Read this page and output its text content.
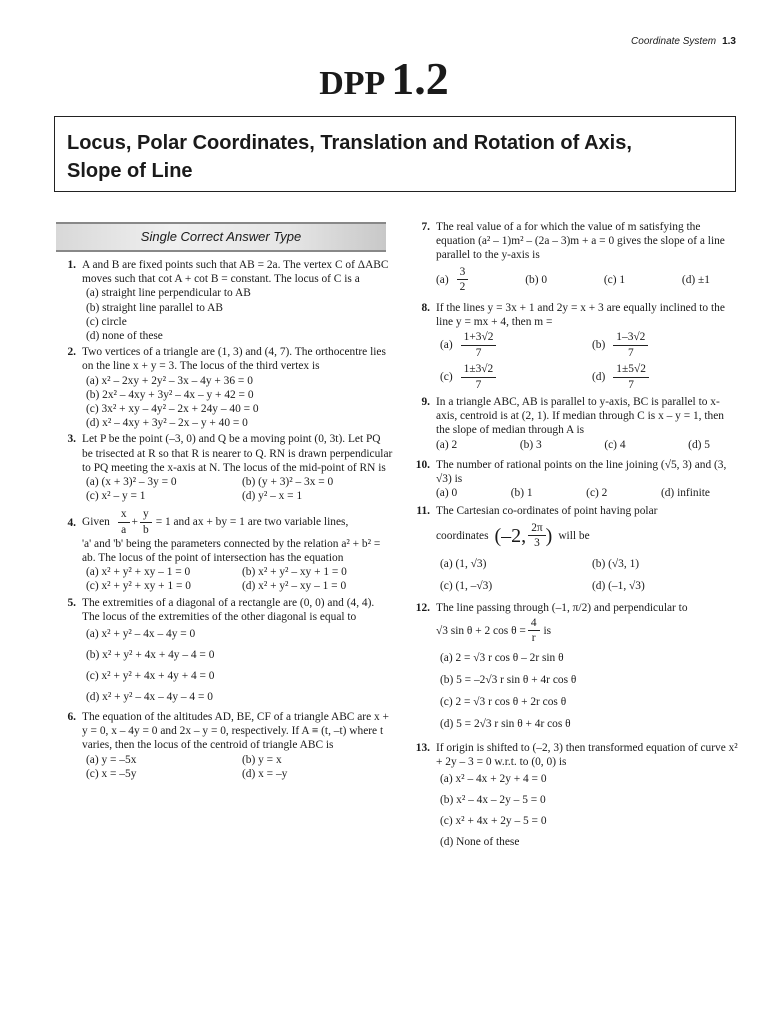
Coordinate System 1.3
DPP 1.2
Locus, Polar Coordinates, Translation and Rotation of Axis,
Slope of Line
Single Correct Answer Type
1. A and B are fixed points such that AB = 2a. The vertex C of ΔABC moves such that cot A + cot B = constant. The locus of C is a
(a) straight line perpendicular to AB
(b) straight line parallel to AB
(c) circle
(d) none of these
2. Two vertices of a triangle are (1, 3) and (4, 7). The orthocentre lies on the line x + y = 3. The locus of the third vertex is
(a) x² – 2xy + 2y² – 3x – 4y + 36 = 0
(b) 2x² – 4xy + 3y² – 4x – y + 42 = 0
(c) 3x² + xy – 4y² – 2x + 24y – 40 = 0
(d) x² – 4xy + 3y² – 2x – y + 40 = 0
3. Let P be the point (–3, 0) and Q be a moving point (0, 3t). Let PQ be trisected at R so that R is nearer to Q. RN is drawn perpendicular to PQ meeting the x-axis at N. The locus of the mid-point of RN is
(a) (x + 3)² – 3y = 0	(b) (y + 3)² – 3x = 0
(c) x² – y = 1	(d) y² – x = 1
4. Given $\frac{x}{a} + \frac{y}{b} = 1$ and ax + by = 1 are two variable lines,
'a' and 'b' being the parameters connected by the relation a² + b² = ab. The locus of the point of intersection has the equation
(a) x² + y² + xy – 1 = 0	(b) x² + y² – xy + 1 = 0
(c) x² + y² + xy + 1 = 0	(d) x² + y² – xy – 1 = 0
5. The extremities of a diagonal of a rectangle are (0, 0) and (4, 4). The locus of the extremities of the other diagonal is equal to
(a) x² + y² – 4x – 4y = 0
(b) x² + y² + 4x + 4y – 4 = 0
(c) x² + y² + 4x + 4y + 4 = 0
(d) x² + y² – 4x – 4y – 4 = 0
6. The equation of the altitudes AD, BE, CF of a triangle ABC are x + y = 0, x – 4y = 0 and 2x – y = 0, respectively. If A ≡ (t, –t) where t varies, then the locus of the centroid of triangle ABC is
(a) y = –5x	(b) y = x
(c) x = –5y	(d) x = –y
7. The real value of a for which the value of m satisfying the equation (a² – 1)m² – (2a – 3)m + a = 0 gives the slope of a line parallel to the y-axis is
$(a) \frac{3}{2}$	(b) 0	(c) 1	(d) ±1
8. If the lines y = 3x + 1 and 2y = x + 3 are equally inclined to the line y = mx + 4, then m =
$(a) \frac{1+3√2}{7}$	$(b) \frac{1-3√2}{7}$
$(c) \frac{1\pm 3√2}{7}$	$(d) \frac{1\pm 5√2}{7}$
9. In a triangle ABC, AB is parallel to y-axis, BC is parallel to x-axis, centroid is at (2, 1). If median through C is x – y = 1, then the slope of median through A is
(a) 2	(b) 3	(c) 4	(d) 5
10. The number of rational points on the line joining (√5, 3) and (3, √3) is
(a) 0	(b) 1	(c) 2	(d) infinite
11. The Cartesian co-ordinates of point having polar
coordinates (–2, $\frac{2\pi}{3}$ ) will be
(a) (1, √3)	(b) (√3, 1)
(c) (1, –√3)	(d) (–1, √3)
12. The line passing through (–1, π/2) and perpendicular to
√3 sin θ + 2 $\cos \theta = \frac{4}{r}$ is
(a) 2 = √3 r cos θ – 2r sin θ
(b) 5 = –2√3 r sin θ + 4r cos θ
(c) 2 = √3 r cos θ + 2r cos θ
(d) 5 = 2√3 r sin θ + 4r cos θ
13. If origin is shifted to (–2, 3) then transformed equation of curve x² + 2y – 3 = 0 w.r.t. to (0, 0) is
(a) x² – 4x + 2y + 4 = 0
(b) x² – 4x – 2y – 5 = 0
(c) x² + 4x + 2y – 5 = 0
(d) None of these
